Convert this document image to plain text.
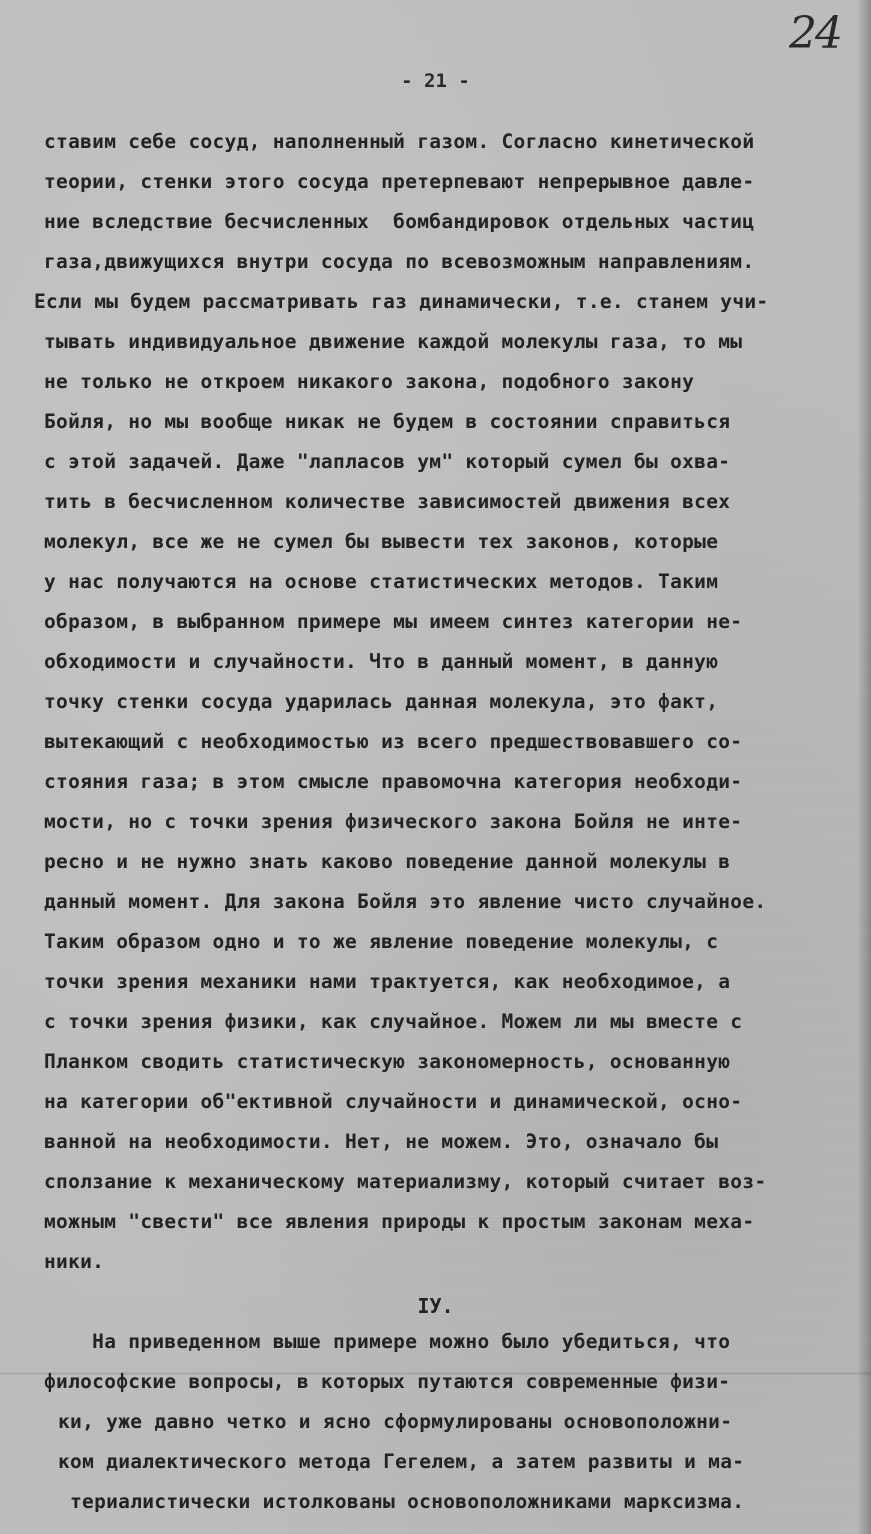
24
- 21 -
ставим себе сосуд, наполненный газом. Согласно кинетической
теории, стенки этого сосуда претерпевают непрерывное давле-
ние вследствие бесчисленных  бомбандировок отдельных частиц
газа,движущихся внутри сосуда по всевозможным направлениям.
Если мы будем рассматривать газ динамически, т.е. станем учи-
тывать индивидуальное движение каждой молекулы газа, то мы
не только не откроем никакого закона, подобного закону
Бойля, но мы вообще никак не будем в состоянии справиться
с этой задачей. Даже "лапласов ум" который сумел бы охва-
тить в бесчисленном количестве зависимостей движения всех
молекул, все же не сумел бы вывести тех законов, которые
у нас получаются на основе статистических методов. Таким
образом, в выбранном примере мы имеем синтез категории не-
обходимости и случайности. Что в данный момент, в данную
точку стенки сосуда ударилась данная молекула, это факт,
вытекающий с необходимостью из всего предшествовавшего со-
стояния газа; в этом смысле правомочна категория необходи-
мости, но с точки зрения физического закона Бойля не инте-
ресно и не нужно знать каково поведение данной молекулы в
данный момент. Для закона Бойля это явление чисто случайное.
Таким образом одно и то же явление поведение молекулы, с
точки зрения механики нами трактуется, как необходимое, а
с точки зрения физики, как случайное. Можем ли мы вместе с
Планком сводить статистическую закономерность, основанную
на категории об"ективной случайности и динамической, осно-
ванной на необходимости. Нет, не можем. Это, означало бы
сползание к механическому материализму, который считает воз-
можным "свести" все явления природы к простым законам меха-
ники.
IУ.
На приведенном выше примере можно было убедиться, что
философские вопросы, в которых путаются современные физи-
ки, уже давно четко и ясно сформулированы основоположни-
ком диалектического метода Гегелем, а затем развиты и ма-
териалистически истолкованы основоположниками марксизма.
